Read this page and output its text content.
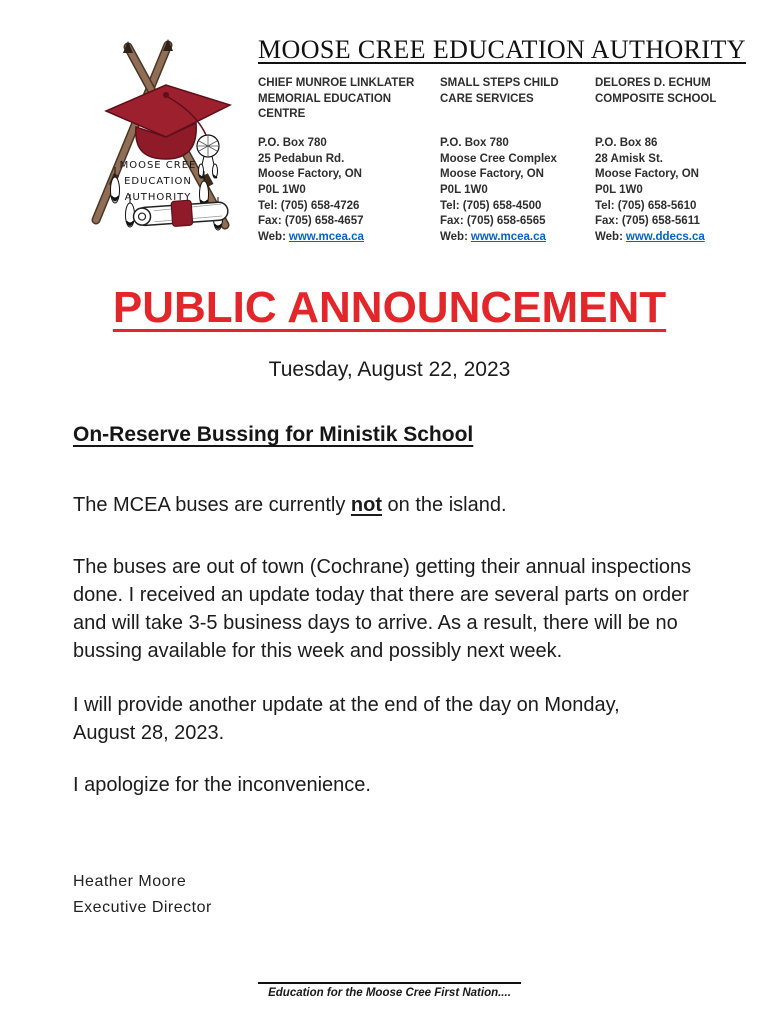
MOOSE CREE
EDUCATION
AUTHORITY
MOOSE CREE EDUCATION AUTHORITY
CHIEF MUNROE LINKLATER
MEMORIAL EDUCATION
CENTRE
P.O. Box 780
25 Pedabun Rd.
Moose Factory, ON
P0L 1W0
Tel: (705) 658-4726
Fax: (705) 658-4657
Web: www.mcea.ca
SMALL STEPS CHILD
CARE SERVICES
P.O. Box 780
Moose Cree Complex
Moose Factory, ON
P0L 1W0
Tel: (705) 658-4500
Fax: (705) 658-6565
Web: www.mcea.ca
DELORES D. ECHUM
COMPOSITE SCHOOL
P.O. Box 86
28 Amisk St.
Moose Factory, ON
P0L 1W0
Tel: (705) 658-5610
Fax: (705) 658-5611
Web: www.ddecs.ca
PUBLIC ANNOUNCEMENT
Tuesday, August 22, 2023
On-Reserve Bussing for Ministik School

The MCEA buses are currently not on the island.

The buses are out of town (Cochrane) getting their annual inspections done. I received an update today that there are several parts on order and will take 3-5 business days to arrive. As a result, there will be no bussing available for this week and possibly next week.

I will provide another update at the end of the day on Monday, August 28, 2023.

I apologize for the inconvenience.

Heather Moore
Executive Director
Education for the Moose Cree First Nation....
